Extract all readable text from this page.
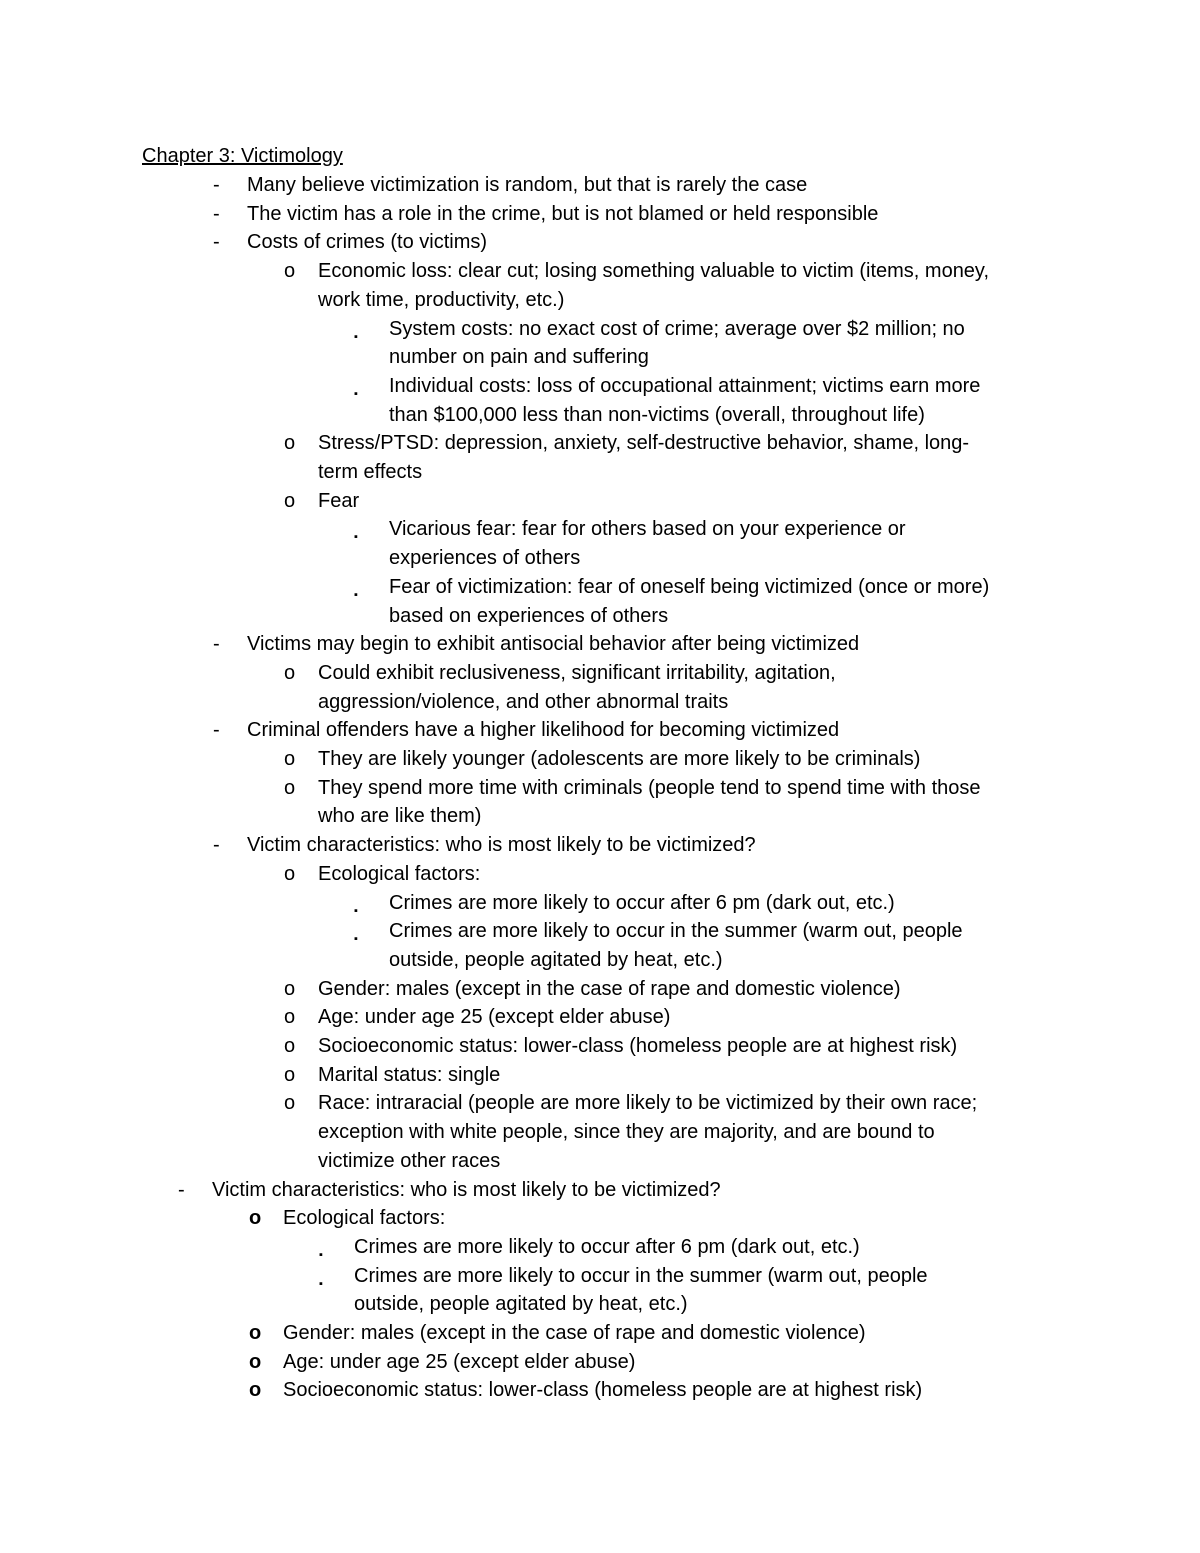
Chapter 3: Victimology
- Many believe victimization is random, but that is rarely the case
- The victim has a role in the crime, but is not blamed or held responsible
- Costs of crimes (to victims)
o Economic loss: clear cut; losing something valuable to victim (items, money,
work time, productivity, etc.)
▪ System costs: no exact cost of crime; average over $2 million; no
number on pain and suffering
▪ Individual costs: loss of occupational attainment; victims earn more
than $100,000 less than non-victims (overall, throughout life)
o Stress/PTSD: depression, anxiety, self-destructive behavior, shame, long-
term effects
o Fear
▪ Vicarious fear: fear for others based on your experience or
experiences of others
▪ Fear of victimization: fear of oneself being victimized (once or more)
based on experiences of others
- Victims may begin to exhibit antisocial behavior after being victimized
o Could exhibit reclusiveness, significant irritability, agitation,
aggression/violence, and other abnormal traits
- Criminal offenders have a higher likelihood for becoming victimized
o They are likely younger (adolescents are more likely to be criminals)
o They spend more time with criminals (people tend to spend time with those
who are like them)
- Victim characteristics: who is most likely to be victimized?
o Ecological factors:
▪ Crimes are more likely to occur after 6 pm (dark out, etc.)
▪ Crimes are more likely to occur in the summer (warm out, people
outside, people agitated by heat, etc.)
o Gender: males (except in the case of rape and domestic violence)
o Age: under age 25 (except elder abuse)
o Socioeconomic status: lower-class (homeless people are at highest risk)
o Marital status: single
o Race: intraracial (people are more likely to be victimized by their own race;
exception with white people, since they are majority, and are bound to
victimize other races
- Victim characteristics: who is most likely to be victimized?
o Ecological factors:
▪ Crimes are more likely to occur after 6 pm (dark out, etc.)
▪ Crimes are more likely to occur in the summer (warm out, people
outside, people agitated by heat, etc.)
o Gender: males (except in the case of rape and domestic violence)
o Age: under age 25 (except elder abuse)
o Socioeconomic status: lower-class (homeless people are at highest risk)
